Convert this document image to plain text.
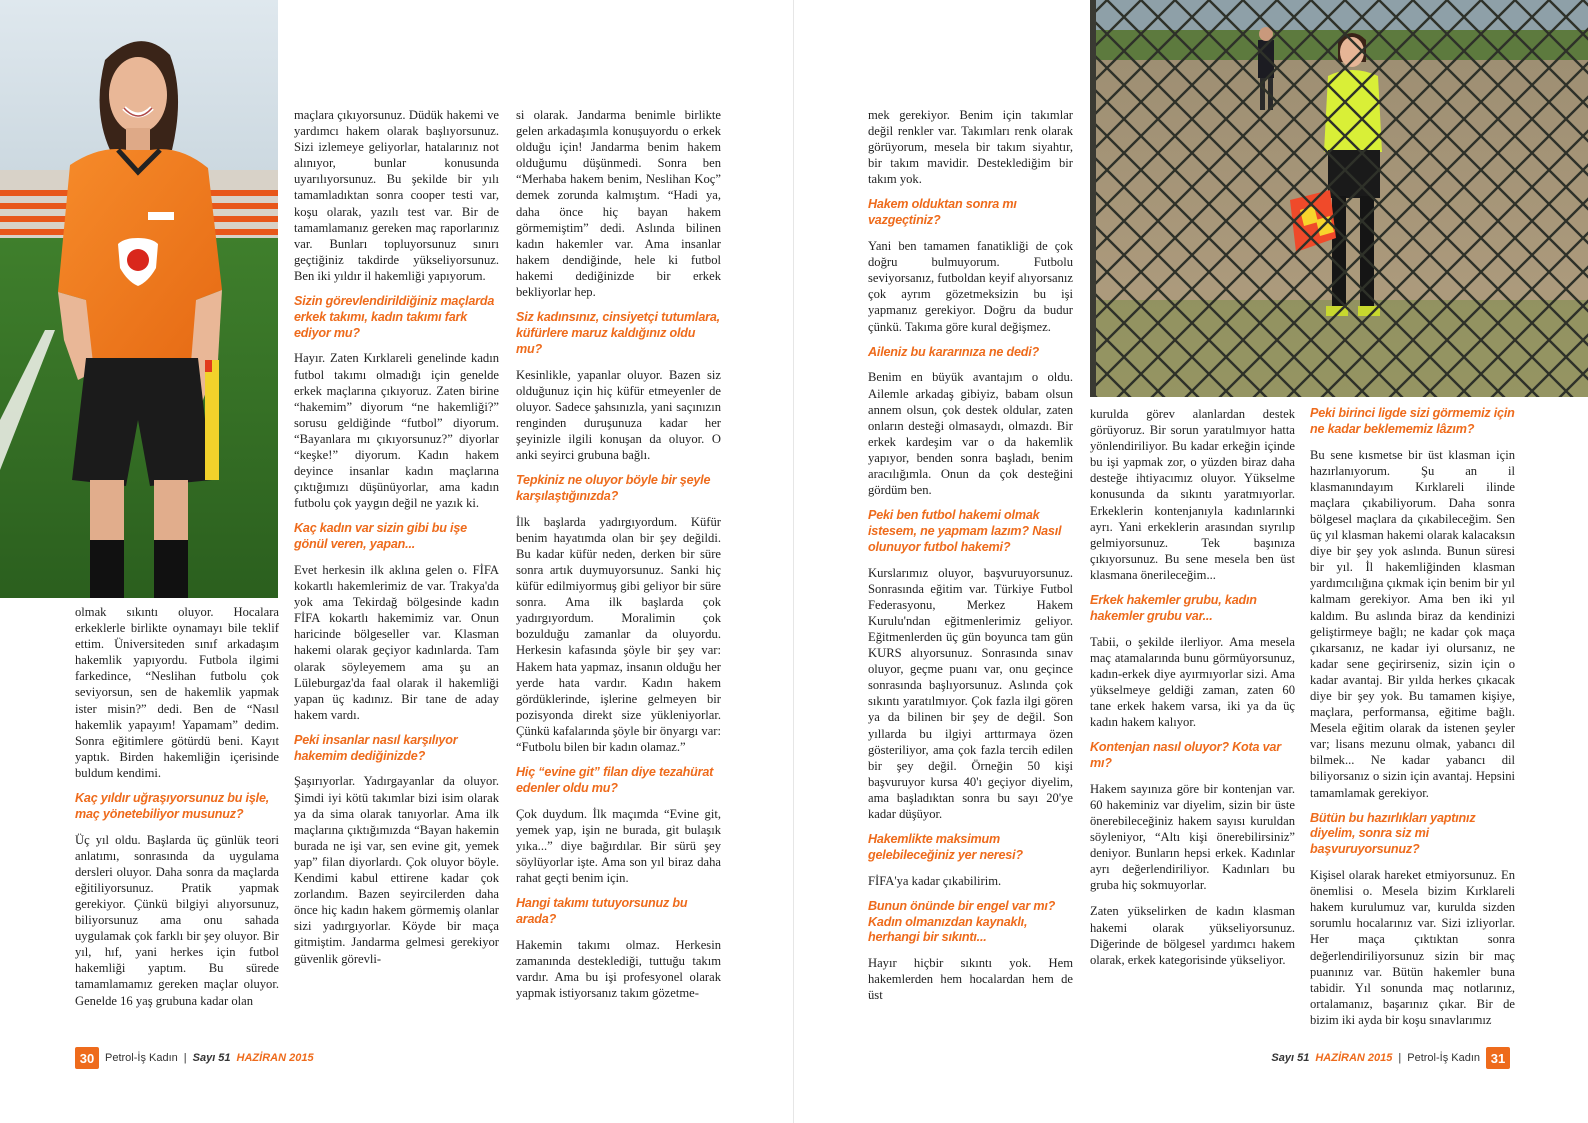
olmak sıkıntı oluyor. Hocalara erkeklerle birlikte oynamayı bile teklif ettim. Üniversiteden sınıf arkadaşım hakemlik yapıyordu. Futbola ilgimi farkedince, “Neslihan futbolu çok seviyorsun, sen de hakemlik yapmak ister misin?” dedi. Ben de “Nasıl hakemlik yapayım! Yapamam” dedim. Sonra eğitimlere götürdü beni. Kayıt yaptık. Birden hakemliğin içerisinde buldum kendimi.

Kaç yıldır uğraşıyorsunuz bu işle, maç yönetebiliyor musunuz?

Üç yıl oldu. Başlarda üç günlük teori anlatımı, sonrasında da uygulama dersleri oluyor. Daha sonra da maçlarda eğitiliyorsunuz. Pratik yapmak gerekiyor. Çünkü bilgiyi alıyorsunuz, biliyorsunuz ama onu sahada uygulamak çok farklı bir şey oluyor. Bir yıl, hıf, yani herkes için futbol hakemliği yaptım. Bu sürede tamamlamamız gereken maçlar oluyor. Genelde 16 yaş grubuna kadar olan

maçlara çıkıyorsunuz. Düdük hakemi ve yardımcı hakem olarak başlıyorsunuz. Sizi izlemeye geliyorlar, hatalarınız not alınıyor, bunlar konusunda uyarılıyorsunuz. Bu şekilde bir yılı tamamladıktan sonra cooper testi var, koşu olarak, yazılı test var. Bir de tamamlamanız gereken maç raporlarınız var. Bunları topluyorsunuz sınırı geçtiğiniz takdirde yükseliyorsunuz. Ben iki yıldır il hakemliği yapıyorum.

Sizin görevlendirildiğiniz maçlarda erkek takımı, kadın takımı fark ediyor mu?

Hayır. Zaten Kırklareli genelinde kadın futbol takımı olmadığı için genelde erkek maçlarına çıkıyoruz. Zaten birine “hakemim” diyorum “ne hakemliği?” sorusu geldiğinde “futbol” diyorum. “Bayanlara mı çıkıyorsunuz?” diyorlar “keşke!” diyorum. Kadın hakem deyince insanlar kadın maçlarına çıktığımızı düşünüyorlar, ama kadın futbolu çok yaygın değil ne yazık ki.

Kaç kadın var sizin gibi bu işe gönül veren, yapan...

Evet herkesin ilk aklına gelen o. FİFA kokartlı hakemlerimiz de var. Trakya'da yok ama Tekirdağ bölgesinde kadın FİFA kokartlı hakemimiz var. Onun haricinde bölgeseller var. Klasman hakemi olarak geçiyor kadınlarda. Tam olarak söyleyemem ama şu an Lüleburgaz'da faal olarak il hakemliği yapan üç kadınız. Bir tane de aday hakem vardı.

Peki insanlar nasıl karşılıyor hakemim dediğinizde?

Şaşırıyorlar. Yadırgayanlar da oluyor. Şimdi iyi kötü takımlar bizi isim olarak ya da sima olarak tanıyorlar. Ama ilk maçlarına çıktığımızda “Bayan hakemin burada ne işi var, sen evine git, yemek yap” filan diyorlardı. Çok oluyor böyle. Kendimi kabul ettirene kadar çok zorlandım. Bazen seyircilerden daha önce hiç kadın hakem görmemiş olanlar sizi yadırgıyorlar. Köyde bir maça gitmiştim. Jandarma gelmesi gerekiyor güvenlik görevli-

si olarak. Jandarma benimle birlikte gelen arkadaşımla konuşuyordu o erkek olduğu için! Jandarma benim hakem olduğumu düşünmedi. Sonra ben “Merhaba hakem benim, Neslihan Koç” demek zorunda kalmıştım. “Hadi ya, daha önce hiç bayan hakem görmemiştim” dedi. Aslında bilinen kadın hakemler var. Ama insanlar hakem dendiğinde, hele ki futbol hakemi dediğinizde bir erkek bekliyorlar hep.

Siz kadınsınız, cinsiyetçi tutumlara, küfürlere maruz kaldığınız oldu mu?

Kesinlikle, yapanlar oluyor. Bazen siz olduğunuz için hiç küfür etmeyenler de oluyor. Sadece şahsınızla, yani saçınızın renginden duruşunuza kadar her şeyinizle ilgili konuşan da oluyor. O anki seyirci grubuna bağlı.

Tepkiniz ne oluyor böyle bir şeyle karşılaştığınızda?

İlk başlarda yadırgıyordum. Küfür benim hayatımda olan bir şey değildi. Bu kadar küfür neden, derken bir süre sonra artık duymuyorsunuz. Sanki hiç küfür edilmiyormuş gibi geliyor bir süre sonra. Ama ilk başlarda çok yadırgıyordum. Moralimin çok bozulduğu zamanlar da oluyordu. Herkesin kafasında şöyle bir şey var: Hakem hata yapmaz, insanın olduğu her yerde hata vardır. Kadın hakem gördüklerinde, işlerine gelmeyen bir pozisyonda direkt size yükleniyorlar. Çünkü kafalarında şöyle bir önyargı var: “Futbolu bilen bir kadın olamaz.”

Hiç “evine git” filan diye tezahürat edenler oldu mu?

Çok duydum. İlk maçımda “Evine git, yemek yap, işin ne burada, git bulaşık yıka...” diye bağırdılar. Bir sürü şey söylüyorlar işte. Ama son yıl biraz daha rahat geçti benim için.

Hangi takımı tutuyorsunuz bu arada?

Hakemin takımı olmaz. Herkesin zamanında desteklediği, tuttuğu takım vardır. Ama bu işi profesyonel olarak yapmak istiyorsanız takım gözetme-

mek gerekiyor. Benim için takımlar değil renkler var. Takımları renk olarak görüyorum, mesela bir takım siyahtır, bir takım mavidir. Desteklediğim bir takım yok.

Hakem olduktan sonra mı vazgeçtiniz?

Yani ben tamamen fanatikliği de çok doğru bulmuyorum. Futbolu seviyorsanız, futboldan keyif alıyorsanız çok ayrım gözetmeksizin bu işi yapmanız gerekiyor. Doğru da budur çünkü. Takıma göre kural değişmez.

Aileniz bu kararınıza ne dedi?

Benim en büyük avantajım o oldu. Ailemle arkadaş gibiyiz, babam olsun annem olsun, çok destek oldular, zaten onların desteği olmasaydı, olmazdı. Bir erkek kardeşim var o da hakemlik yapıyor, benden sonra başladı, benim aracılığımla. Onun da çok desteğini gördüm ben.

Peki ben futbol hakemi olmak istesem, ne yapmam lazım? Nasıl olunuyor futbol hakemi?

Kurslarımız oluyor, başvuruyorsunuz. Sonrasında eğitim var. Türkiye Futbol Federasyonu, Merkez Hakem Kurulu'ndan eğitmenlerimiz geliyor. Eğitmenlerden üç gün boyunca tam gün KURS alıyorsunuz. Sonrasında sınav oluyor, geçme puanı var, onu geçince sonrasında başlıyorsunuz. Aslında çok sıkıntı yaratılmıyor. Çok fazla ilgi gören ya da bilinen bir şey de değil. Son yıllarda bu ilgiyi arttırmaya özen gösteriliyor, ama çok fazla tercih edilen bir şey değil. Örneğin 50 kişi başvuruyor kursa 40'ı geçiyor diyelim, ama başladıktan sonra bu sayı 20'ye kadar düşüyor.

Hakemlikte maksimum gelebileceğiniz yer neresi?

FİFA'ya kadar çıkabilirim.

Bunun önünde bir engel var mı? Kadın olmanızdan kaynaklı, herhangi bir sıkıntı...

Hayır hiçbir sıkıntı yok. Hem hakemlerden hem hocalardan hem de üst

kurulda görev alanlardan destek görüyoruz. Bir sorun yaratılmıyor hatta yönlendiriliyor. Bu kadar erkeğin içinde bu işi yapmak zor, o yüzden biraz daha desteğe ihtiyacımız oluyor. Yükselme konusunda da sıkıntı yaratmıyorlar. Erkeklerin kontenjanıyla kadınlarınki ayrı. Yani erkeklerin arasından sıyrılıp gelmiyorsunuz. Tek başınıza çıkıyorsunuz. Bu sene mesela ben üst klasmana önerileceğim...

Erkek hakemler grubu, kadın hakemler grubu var...

Tabii, o şekilde ilerliyor. Ama mesela maç atamalarında bunu görmüyorsunuz, kadın-erkek diye ayırmıyorlar sizi. Ama yükselmeye geldiği zaman, zaten 60 tane erkek hakem varsa, iki ya da üç kadın hakem kalıyor.

Kontenjan nasıl oluyor? Kota var mı?

Hakem sayınıza göre bir kontenjan var. 60 hakeminiz var diyelim, sizin bir üste önerebileceğiniz hakem sayısı kuruldan söyleniyor, “Altı kişi önerebilirsiniz” deniyor. Bunların hepsi erkek. Kadınlar ayrı değerlendiriliyor. Kadınları bu gruba hiç sokmuyorlar.

Zaten yükselirken de kadın klasman hakemi olarak yükseliyorsunuz. Diğerinde de bölgesel yardımcı hakem olarak, erkek kategorisinde yükseliyor.

Peki birinci ligde sizi görmemiz için ne kadar beklememiz lâzım?

Bu sene kısmetse bir üst klasman için hazırlanıyorum. Şu an il klasmanındayım Kırklareli ilinde maçlara çıkabiliyorum. Daha sonra bölgesel maçlara da çıkabileceğim. Sen üç yıl klasman hakemi olarak kalacaksın diye bir şey yok aslında. Bunun süresi bir yıl. İl hakemliğinden klasman yardımcılığına çıkmak için benim bir yıl kalmam gerekiyor. Ama ben iki yıl kaldım. Bu aslında biraz da kendinizi geliştirmeye bağlı; ne kadar çok maça çıkarsanız, ne kadar iyi olursanız, ne kadar sene geçirirseniz, sizin için o kadar avantaj. Bir yılda herkes çıkacak diye bir şey yok. Bu tamamen kişiye, maçlara, performansa, eğitime bağlı. Mesela eğitim olarak da istenen şeyler var; lisans mezunu olmak, yabancı dil bilmek... Ne kadar yabancı dil biliyorsanız o sizin için avantaj. Hepsini tamamlamak gerekiyor.

Bütün bu hazırlıkları yaptınız diyelim, sonra siz mi başvuruyorsunuz?

Kişisel olarak hareket etmiyorsunuz. En önemlisi o. Mesela bizim Kırklareli hakem kurulumuz var, kurulda sizden sorumlu hocalarınız var. Sizi izliyorlar. Her maça çıktıktan sonra değerlendiriliyorsunuz sizin bir maç puanınız var. Bütün hakemler buna tabidir. Yıl sonunda maç notlarınız, ortalamanız, başarınız çıkar. Bir de bizim iki ayda bir koşu sınavlarımız

30 Petrol-İş Kadın | Sayı 51 HAZİRAN 2015	Sayı 51 HAZİRAN 2015 | Petrol-İş Kadın 31
